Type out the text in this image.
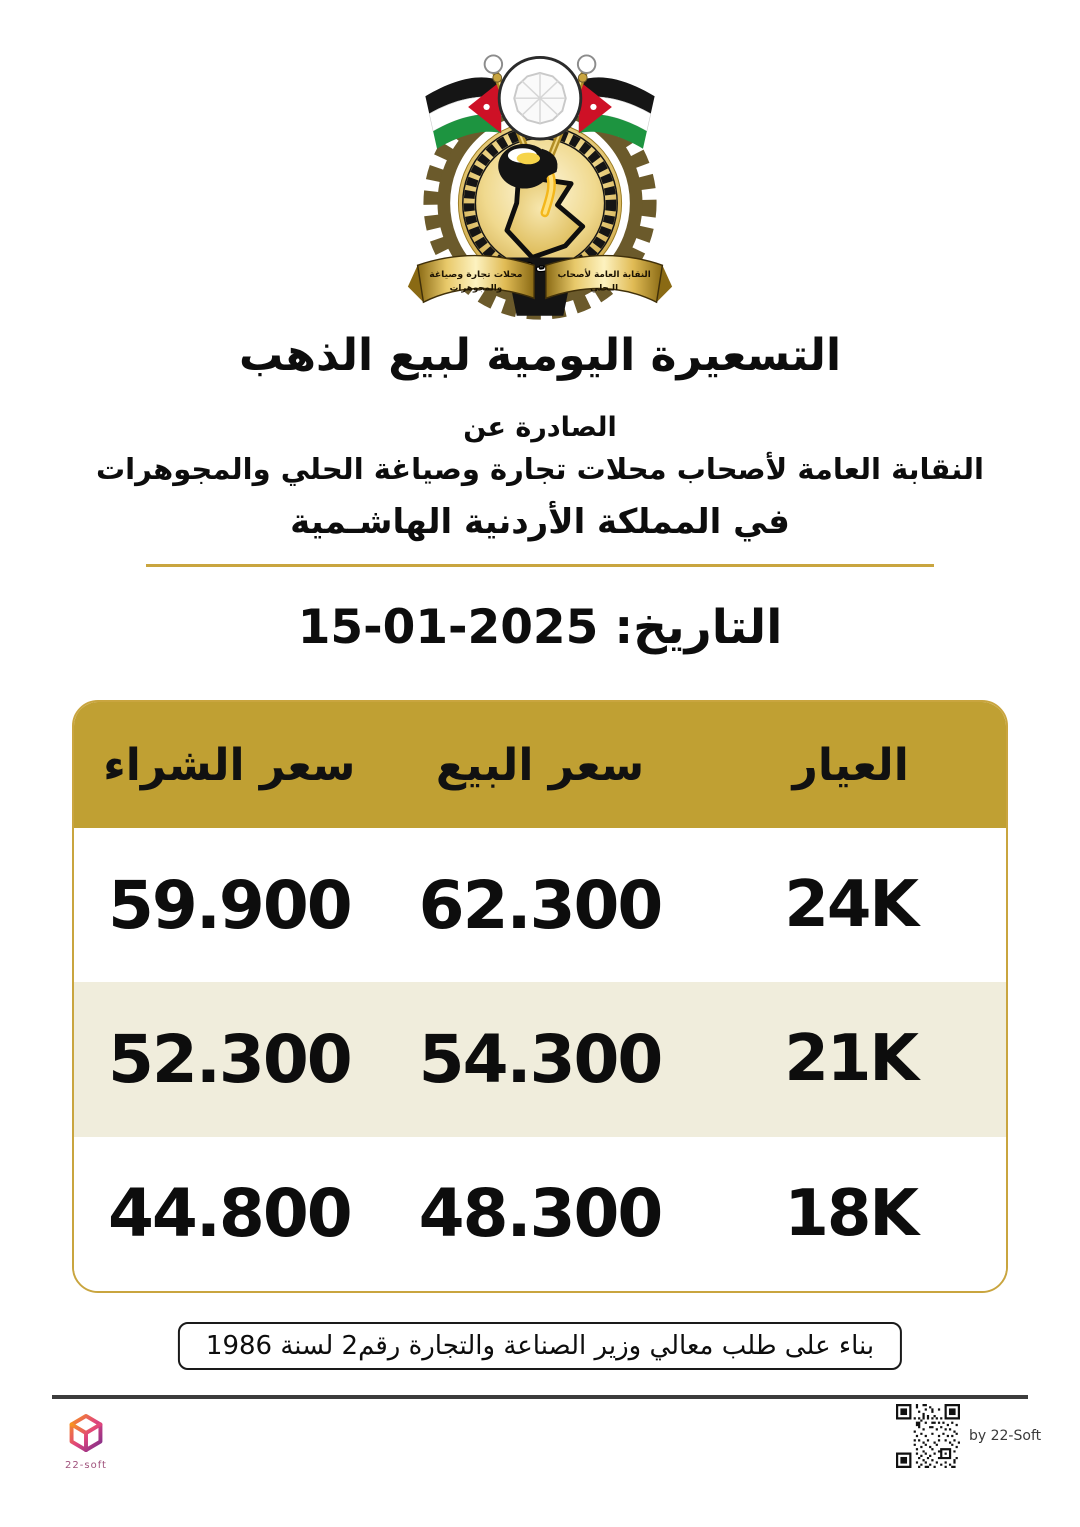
محلات تجارة وصياغة
والمجوهرات
النقابة العامة لأصحاب
الـحلي
التسعيرة اليومية لبيع الذهب

الصادرة عن

النقابة العامة لأصحاب محلات تجارة وصياغة الحلي والمجوهرات

في المملكة الأردنية الهاشـمية

التاريخ:
15-01-2025
العيار
سعر البيع
سعر الشراء
24K
62.300
59.900
21K
54.300
52.300
18K
48.300
44.800
بناء على طلب معالي وزير الصناعة والتجارة رقم2 لسنة 1986
22-soft
by 22-Soft
